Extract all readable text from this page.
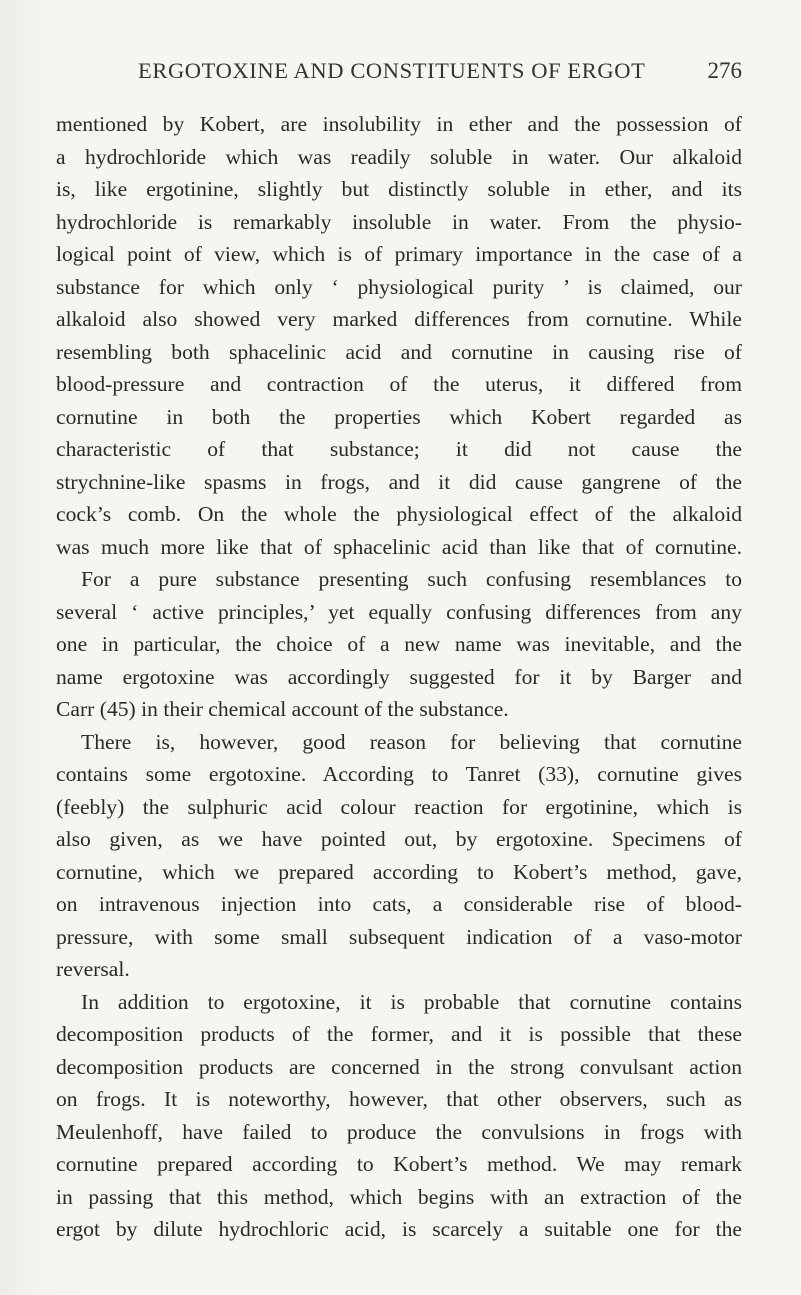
ERGOTOXINE AND CONSTITUENTS OF ERGOT	276
mentioned by Kobert, are insolubility in ether and the possession of
a hydrochloride which was readily soluble in water. Our alkaloid
is, like ergotinine, slightly but distinctly soluble in ether, and its
hydrochloride is remarkably insoluble in water. From the physio-
logical point of view, which is of primary importance in the case of a
substance for which only ‘ physiological purity ’ is claimed, our
alkaloid also showed very marked differences from cornutine. While
resembling both sphacelinic acid and cornutine in causing rise of
blood-pressure and contraction of the uterus, it differed from
cornutine in both the properties which Kobert regarded as
characteristic of that substance; it did not cause the
strychnine-like spasms in frogs, and it did cause gangrene of the
cock’s comb. On the whole the physiological effect of the alkaloid
was much more like that of sphacelinic acid than like that of cornutine.
For a pure substance presenting such confusing resemblances to
several ‘ active principles,’ yet equally confusing differences from any
one in particular, the choice of a new name was inevitable, and the
name ergotoxine was accordingly suggested for it by Barger and
Carr (45) in their chemical account of the substance.
There is, however, good reason for believing that cornutine
contains some ergotoxine. According to Tanret (33), cornutine gives
(feebly) the sulphuric acid colour reaction for ergotinine, which is
also given, as we have pointed out, by ergotoxine. Specimens of
cornutine, which we prepared according to Kobert’s method, gave,
on intravenous injection into cats, a considerable rise of blood-
pressure, with some small subsequent indication of a vaso-motor
reversal.
In addition to ergotoxine, it is probable that cornutine contains
decomposition products of the former, and it is possible that these
decomposition products are concerned in the strong convulsant action
on frogs. It is noteworthy, however, that other observers, such as
Meulenhoff, have failed to produce the convulsions in frogs with
cornutine prepared according to Kobert’s method. We may remark
in passing that this method, which begins with an extraction of the
ergot by dilute hydrochloric acid, is scarcely a suitable one for the
